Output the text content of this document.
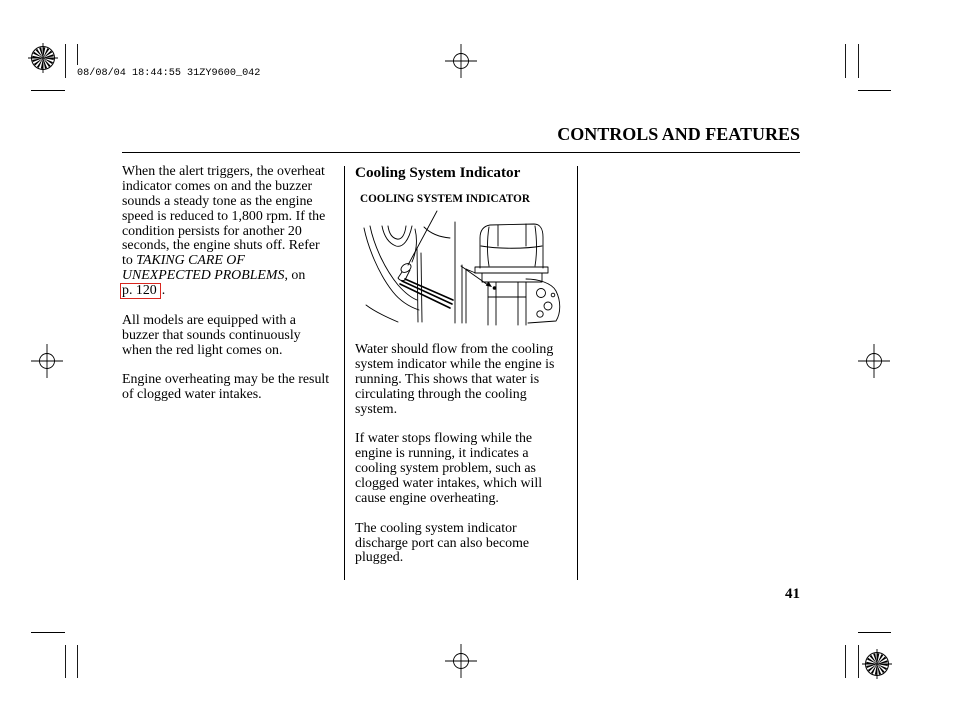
08/08/04 18:44:55 31ZY9600_042
CONTROLS AND FEATURES
When the alert triggers, the overheat
indicator comes on and the buzzer
sounds a steady tone as the engine
speed is reduced to 1,800 rpm. If the
condition persists for another 20
seconds, the engine shuts off. Refer
to TAKING CARE OF
UNEXPECTED PROBLEMS, on
p. 120 .
All models are equipped with a
buzzer that sounds continuously
when the red light comes on.
Engine overheating may be the result
of clogged water intakes.
Cooling System Indicator
COOLING SYSTEM INDICATOR
Water should flow from the cooling
system indicator while the engine is
running. This shows that water is
circulating through the cooling
system.
If water stops flowing while the
engine is running, it indicates a
cooling system problem, such as
clogged water intakes, which will
cause engine overheating.
The cooling system indicator
discharge port can also become
plugged.
41
